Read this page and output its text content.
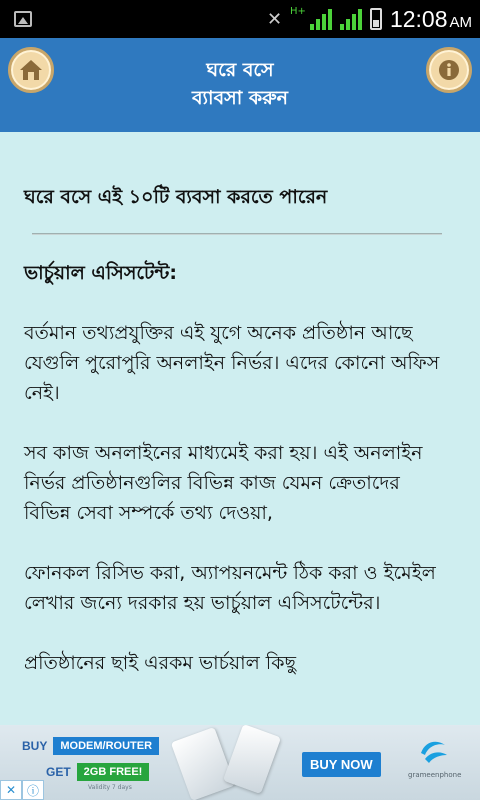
✕ H+	12:08 AM
ঘরে বসে
ব্যাবসা করুন
ঘরে বসে এই ১০টি ব্যবসা করতে পারেন
ভার্চুয়াল এসিসটেন্ট:
বর্তমান তথ্যপ্রযুক্তির এই যুগে অনেক প্রতিষ্ঠান আছে যেগুলি পুরোপুরি অনলাইন নির্ভর। এদের কোনো অফিস নেই।
সব কাজ অনলাইনের মাধ্যমেই করা হয়। এই অনলাইন নির্ভর প্রতিষ্ঠানগুলির বিভিন্ন কাজ যেমন ক্রেতাদের বিভিন্ন সেবা সম্পর্কে তথ্য দেওয়া,
ফোনকল রিসিভ করা, অ্যাপয়নমেন্ট ঠিক করা ও ইমেইল লেখার জন্যে দরকার হয় ভার্চুয়াল এসিসটেন্টের।
প্রতিষ্ঠানের ছাই এরকম ভার্চয়াল কিছু
BUY	MODEM/ROUTER
GET	2GB FREE!
Validity 7 days
BUY NOW
grameenphone
✕ ⓘ
